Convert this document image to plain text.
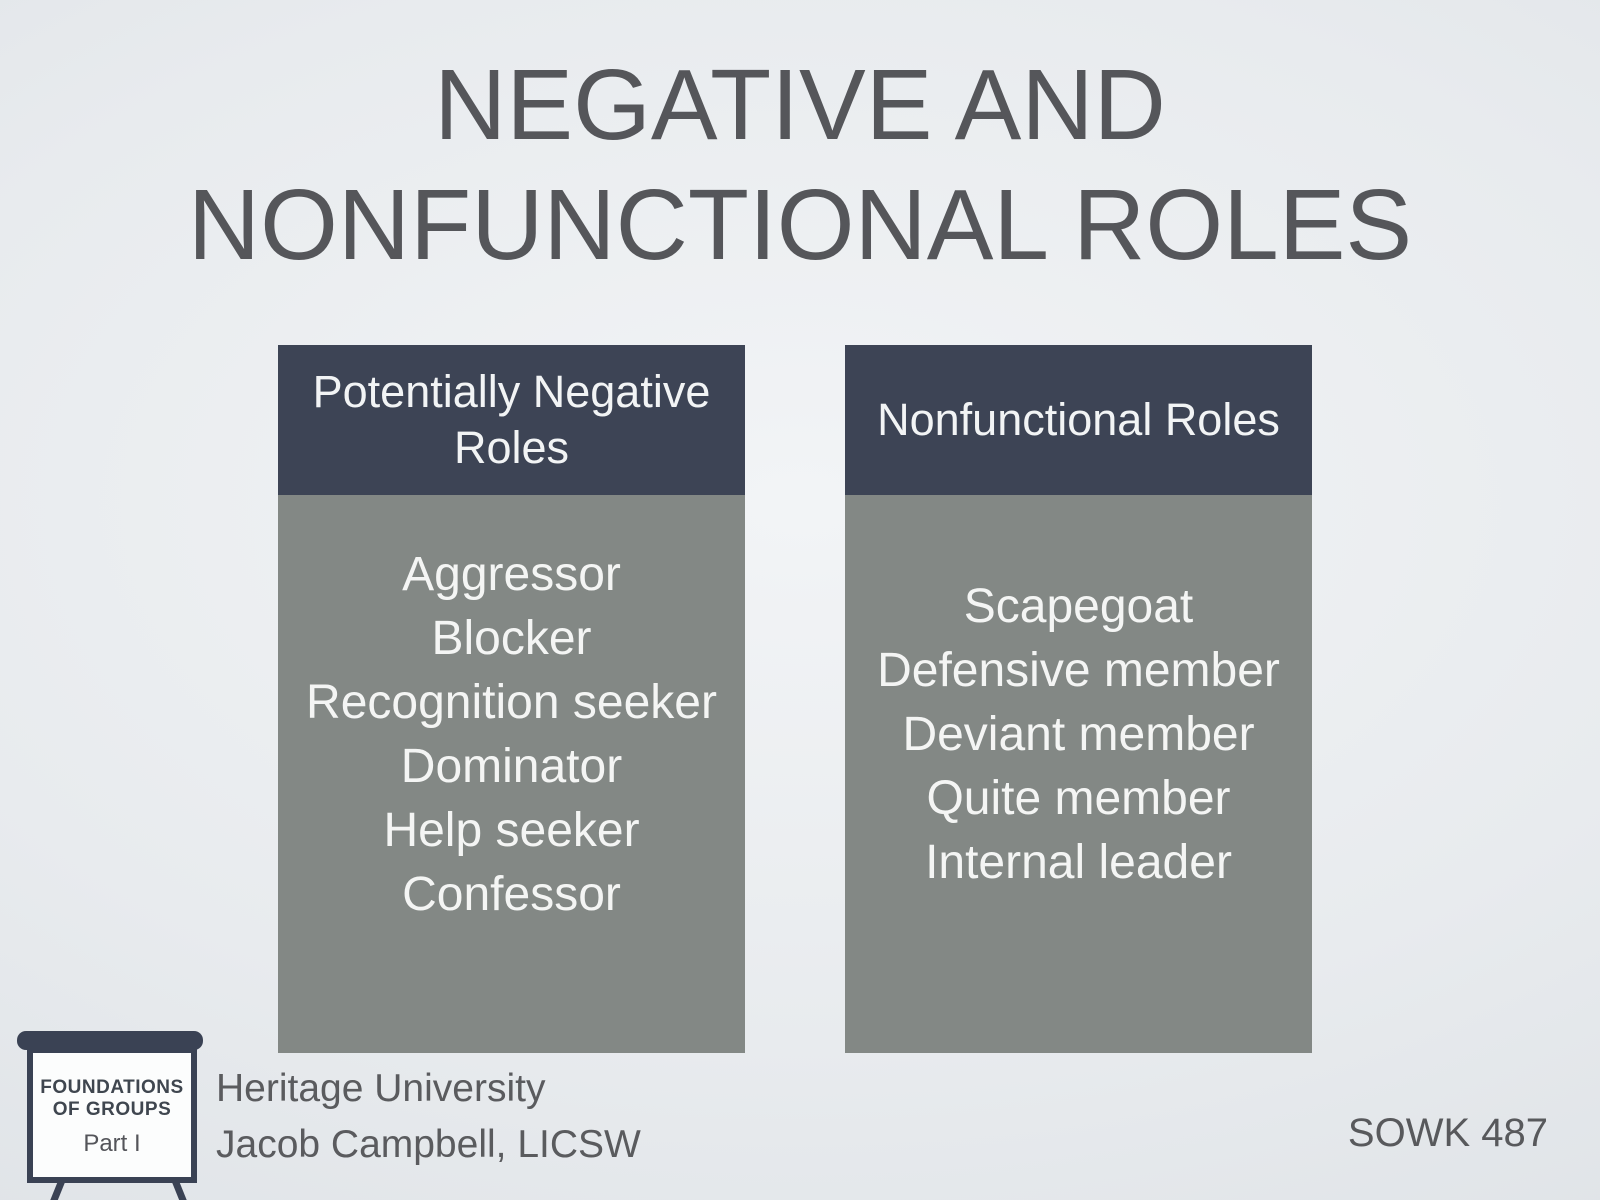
NEGATIVE AND NONFUNCTIONAL ROLES
Potentially Negative Roles
Aggressor
Blocker
Recognition seeker
Dominator
Help seeker
Confessor
Nonfunctional Roles
Scapegoat
Defensive member
Deviant member
Quite member
Internal leader
FOUNDATIONS
OF GROUPS
Part I
Heritage University
Jacob Campbell, LICSW	SOWK 487
